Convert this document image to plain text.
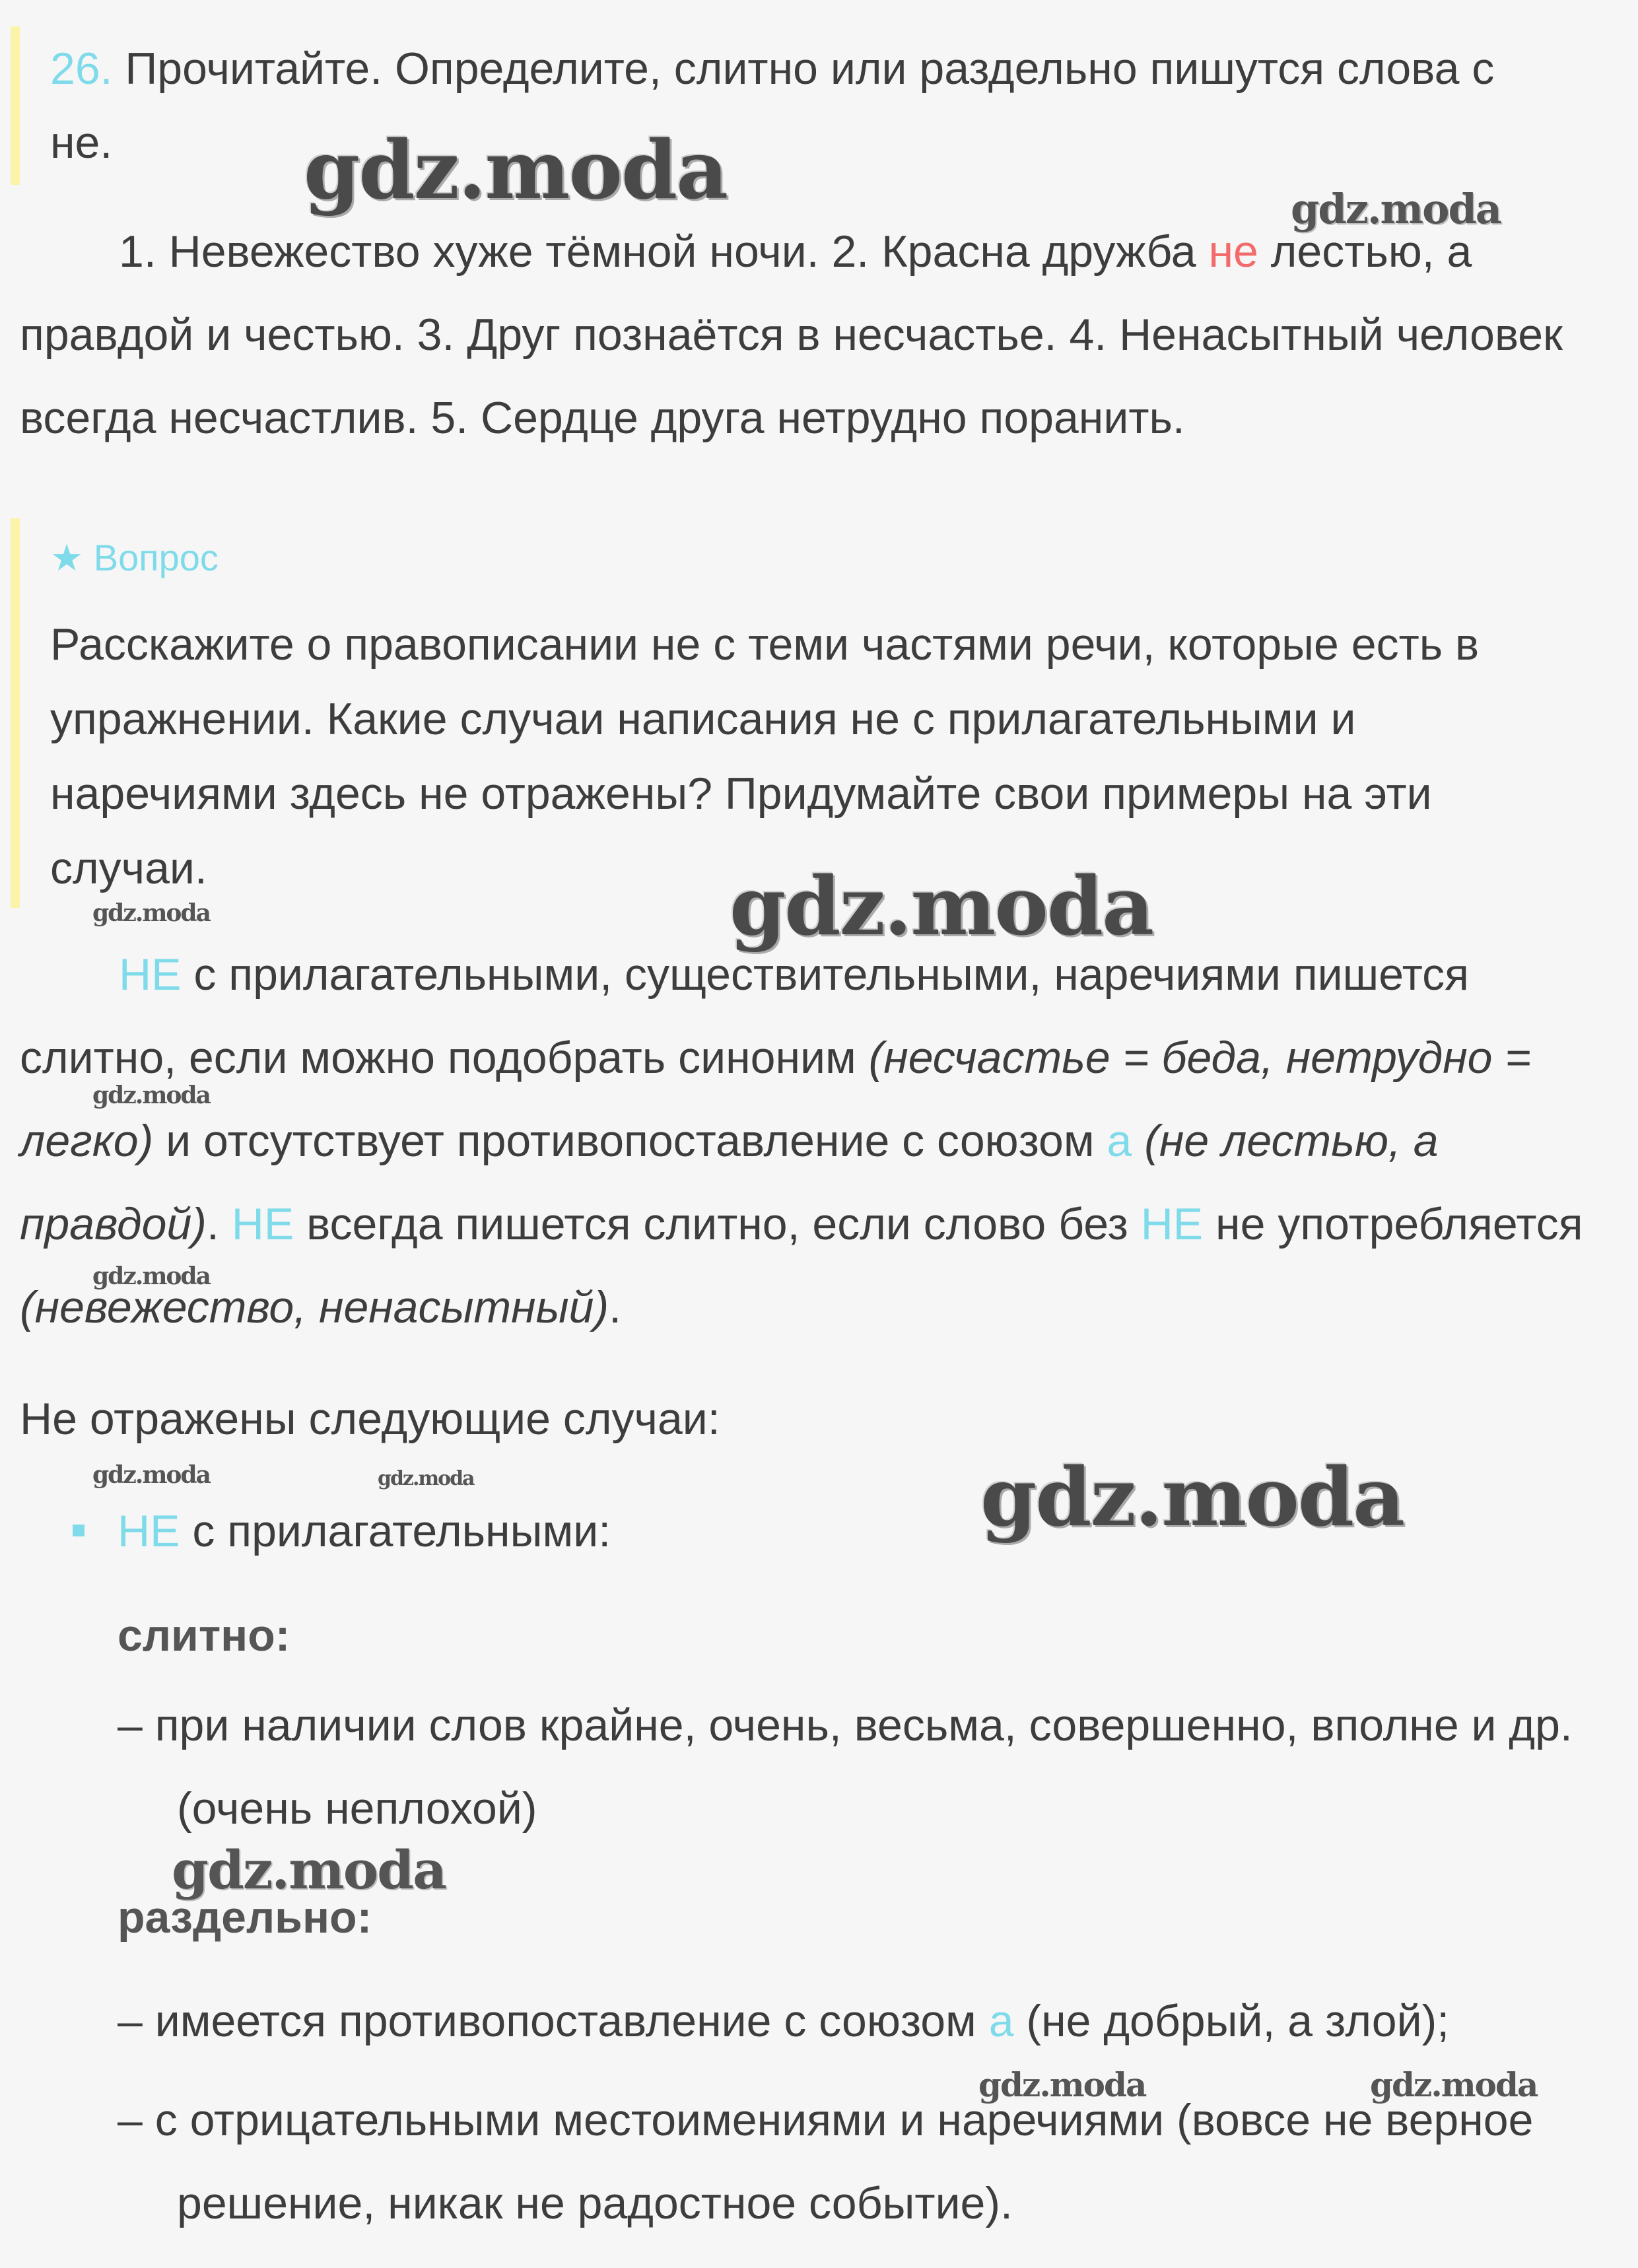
26. Прочитайте. Определите, слитно или раздельно пишутся слова с не.
1. Невежество хуже тёмной ночи. 2. Красна дружба не лестью, а правдой и честью. 3. Друг познаётся в несчастье. 4. Ненасытный человек всегда несчастлив. 5. Сердце друга нетрудно поранить.
★ Вопрос
Расскажите о правописании не с теми частями речи, которые есть в упражнении. Какие случаи написания не с прилагательными и наречиями здесь не отражены? Придумайте свои примеры на эти случаи.
НЕ с прилагательными, существительными, наречиями пишется слитно, если можно подобрать синоним (несчастье = беда, нетрудно = легко) и отсутствует противопоставление с союзом а (не лестью, а правдой). НЕ всегда пишется слитно, если слово без НЕ не употребляется (невежество, ненасытный).
Не отражены следующие случаи:
НЕ с прилагательными:
слитно:
– при наличии слов крайне, очень, весьма, совершенно, вполне и др. (очень неплохой)
раздельно:
– имеется противопоставление с союзом а (не добрый, а злой);
– с отрицательными местоимениями и наречиями (вовсе не верное решение, никак не радостное событие).
gdz.moda	gdz.moda
gdz.moda
gdz.moda
gdz.moda
gdz.moda
gdz.moda	gdz.moda	gdz.moda
gdz.moda
gdz.moda	gdz.moda
